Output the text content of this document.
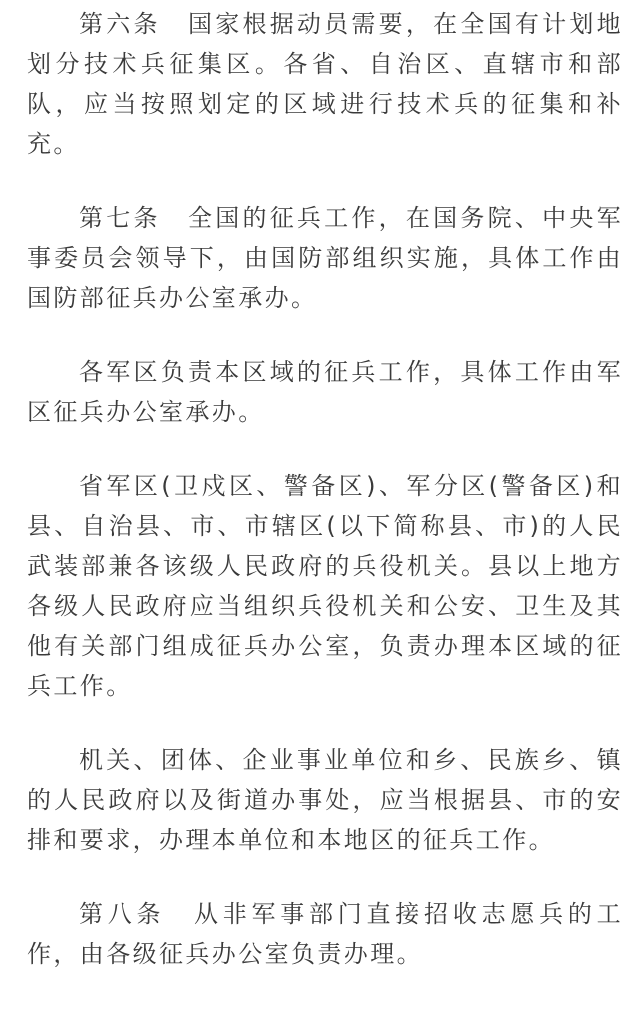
第六条　国家根据动员需要，在全国有计划地划分技术兵征集区。各省、自治区、直辖市和部队，应当按照划定的区域进行技术兵的征集和补充。

第七条　全国的征兵工作，在国务院、中央军事委员会领导下，由国防部组织实施，具体工作由国防部征兵办公室承办。

各军区负责本区域的征兵工作，具体工作由军区征兵办公室承办。

省军区(卫戍区、警备区)、军分区(警备区)和县、自治县、市、市辖区(以下简称县、市)的人民武装部兼各该级人民政府的兵役机关。县以上地方各级人民政府应当组织兵役机关和公安、卫生及其他有关部门组成征兵办公室，负责办理本区域的征兵工作。

机关、团体、企业事业单位和乡、民族乡、镇的人民政府以及街道办事处，应当根据县、市的安排和要求，办理本单位和本地区的征兵工作。

第八条　从非军事部门直接招收志愿兵的工作，由各级征兵办公室负责办理。
